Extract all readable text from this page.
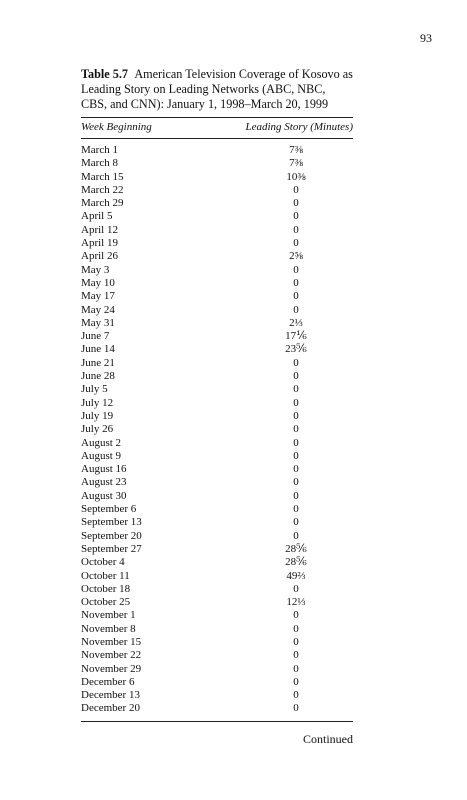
93
Table 5.7 American Television Coverage of Kosovo as Leading Story on Leading Networks (ABC, NBC, CBS, and CNN): January 1, 1998–March 20, 1999
Week Beginning	Leading Story (Minutes)
March 1	7⅜
March 8	7⅜
March 15	10⅜
March 22	0
March 29	0
April 5	0
April 12	0
April 19	0
April 26	2⅝
May 3	0
May 10	0
May 17	0
May 24	0
May 31	2⅓
June 7	17⅙
June 14	23⅚
June 21	0
June 28	0
July 5	0
July 12	0
July 19	0
July 26	0
August 2	0
August 9	0
August 16	0
August 23	0
August 30	0
September 6	0
September 13	0
September 20	0
September 27	28⅚
October 4	28⅚
October 11	49⅔
October 18	0
October 25	12⅓
November 1	0
November 8	0
November 15	0
November 22	0
November 29	0
December 6	0
December 13	0
December 20	0
Continued
